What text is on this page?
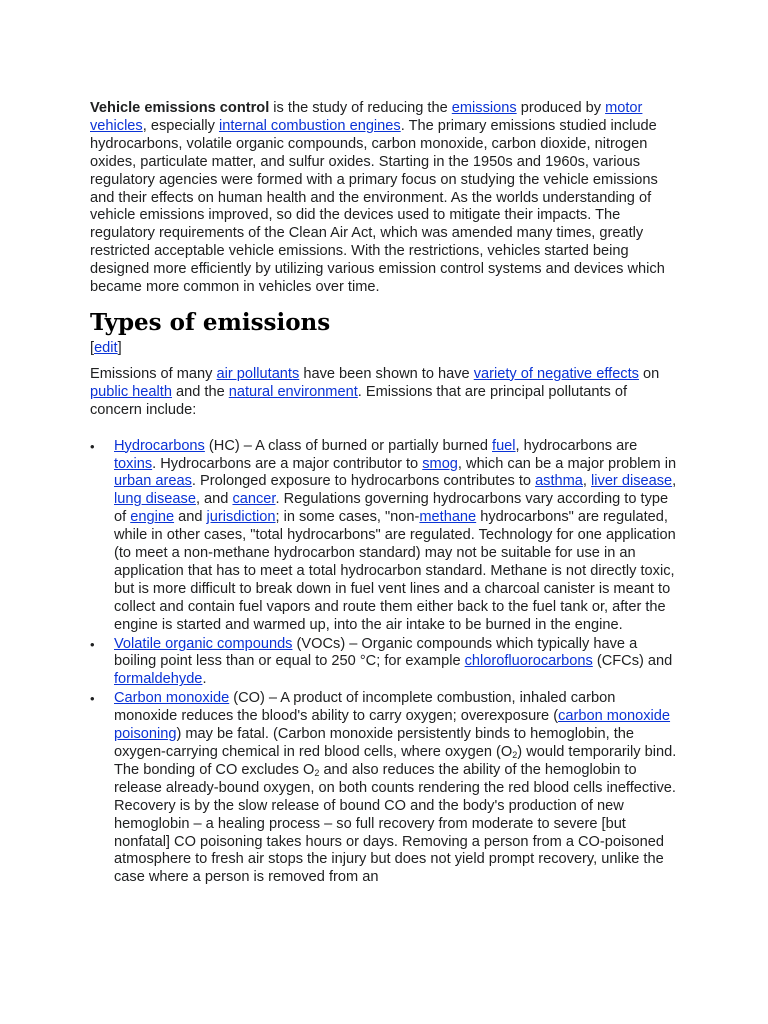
Vehicle emissions control is the study of reducing the emissions produced by motor vehicles, especially internal combustion engines. The primary emissions studied include hydrocarbons, volatile organic compounds, carbon monoxide, carbon dioxide, nitrogen oxides, particulate matter, and sulfur oxides. Starting in the 1950s and 1960s, various regulatory agencies were formed with a primary focus on studying the vehicle emissions and their effects on human health and the environment. As the worlds understanding of vehicle emissions improved, so did the devices used to mitigate their impacts. The regulatory requirements of the Clean Air Act, which was amended many times, greatly restricted acceptable vehicle emissions. With the restrictions, vehicles started being designed more efficiently by utilizing various emission control systems and devices which became more common in vehicles over time.

Types of emissions
[edit]

Emissions of many air pollutants have been shown to have variety of negative effects on public health and the natural environment. Emissions that are principal pollutants of concern include:

• Hydrocarbons (HC) – A class of burned or partially burned fuel, hydrocarbons are toxins. Hydrocarbons are a major contributor to smog, which can be a major problem in urban areas. Prolonged exposure to hydrocarbons contributes to asthma, liver disease, lung disease, and cancer. Regulations governing hydrocarbons vary according to type of engine and jurisdiction; in some cases, "non-methane hydrocarbons" are regulated, while in other cases, "total hydrocarbons" are regulated. Technology for one application (to meet a non-methane hydrocarbon standard) may not be suitable for use in an application that has to meet a total hydrocarbon standard. Methane is not directly toxic, but is more difficult to break down in fuel vent lines and a charcoal canister is meant to collect and contain fuel vapors and route them either back to the fuel tank or, after the engine is started and warmed up, into the air intake to be burned in the engine.
• Volatile organic compounds (VOCs) – Organic compounds which typically have a boiling point less than or equal to 250 °C; for example chlorofluorocarbons (CFCs) and formaldehyde.
• Carbon monoxide (CO) – A product of incomplete combustion, inhaled carbon monoxide reduces the blood's ability to carry oxygen; overexposure (carbon monoxide poisoning) may be fatal. (Carbon monoxide persistently binds to hemoglobin, the oxygen-carrying chemical in red blood cells, where oxygen $(O_2)$ would temporarily bind. The bonding of CO excludes $O_2$ and also reduces the ability of the hemoglobin to release already-bound oxygen, on both counts rendering the red blood cells ineffective. Recovery is by the slow release of bound CO and the body's production of new hemoglobin – a healing process – so full recovery from moderate to severe [but nonfatal] CO poisoning takes hours or days. Removing a person from a CO-poisoned atmosphere to fresh air stops the injury but does not yield prompt recovery, unlike the case where a person is removed from an
